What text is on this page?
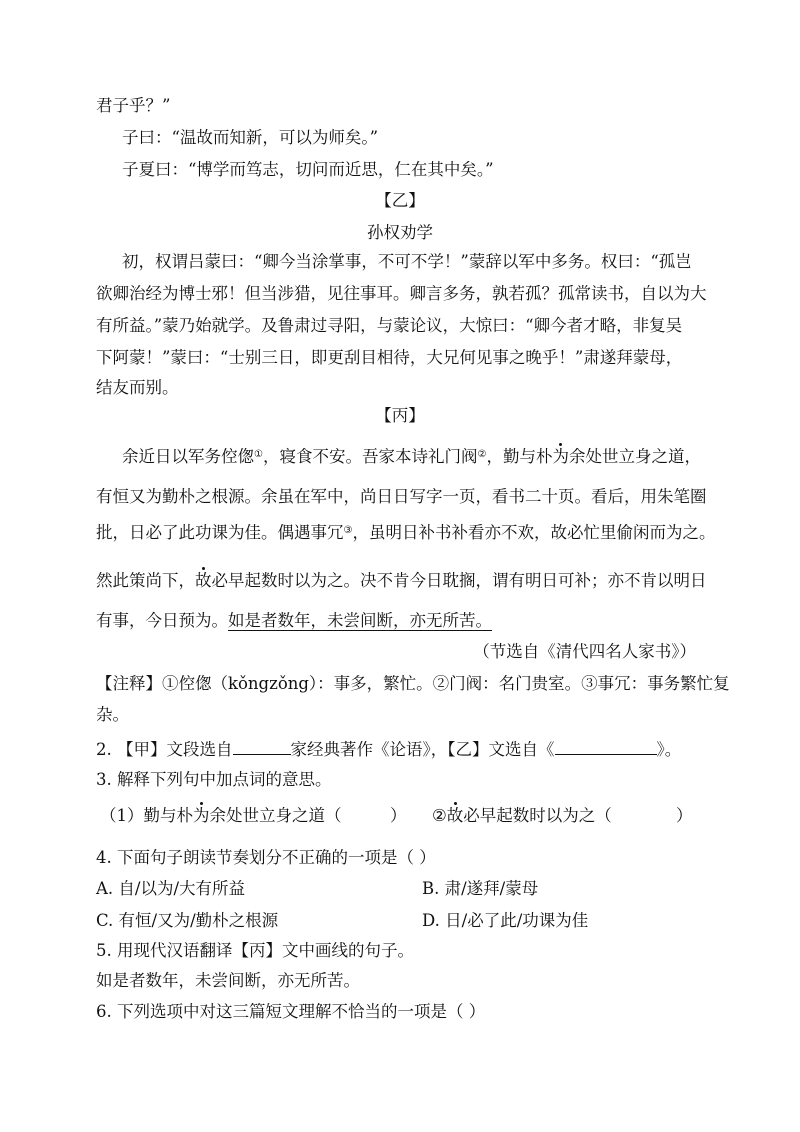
君子乎？”
子曰：“温故而知新，可以为师矣。”
子夏曰：“博学而笃志，切问而近思，仁在其中矣。”
【乙】
孙权劝学
初，权谓吕蒙曰：“卿今当涂掌事，不可不学！”蒙辞以军中多务。权曰：“孤岂
欲卿治经为博士邪！但当涉猎，见往事耳。卿言多务，孰若孤？孤常读书，自以为大
有所益。”蒙乃始就学。及鲁肃过寻阳，与蒙论议，大惊曰：“卿今者才略，非复吴
下阿蒙！”蒙曰：“士别三日，即更刮目相待，大兄何见事之晚乎！”肃遂拜蒙母，
结友而别。
【丙】
余近日以军务倥偬①，寝食不安。吾家本诗礼门阀②，勤与朴为余处世立身之道，
有恒又为勤朴之根源。余虽在军中，尚日日写字一页，看书二十页。看后，用朱笔圈
批，日必了此功课为佳。偶遇事冗③，虽明日补书补看亦不欢，故必忙里偷闲而为之。
然此策尚下，故必早起数时以为之。决不肯今日耽搁，谓有明日可补；亦不肯以明日
有事，今日预为。如是者数年，未尝间断，亦无所苦。
（节选自《清代四名人家书》）
【注释】①倥偬（kǒngzǒng）：事多，繁忙。②门阀：名门贵室。③事冗：事务繁忙复
杂。
2. 【甲】文段选自	家经典著作《论语》，【乙】文选自《	》。
3. 解释下列句中加点词的意思。
（1）勤与朴为余处世立身之道（	）	②故必早起数时以为之（	）
4. 下面句子朗读节奏划分不正确的一项是（ ）
A. 自/以为/大有所益	B. 肃/遂拜/蒙母
C. 有恒/又为/勤朴之根源	D. 日/必了此/功课为佳
5. 用现代汉语翻译【丙】文中画线的句子。
如是者数年，未尝间断，亦无所苦。
6. 下列选项中对这三篇短文理解不恰当的一项是（ ）
